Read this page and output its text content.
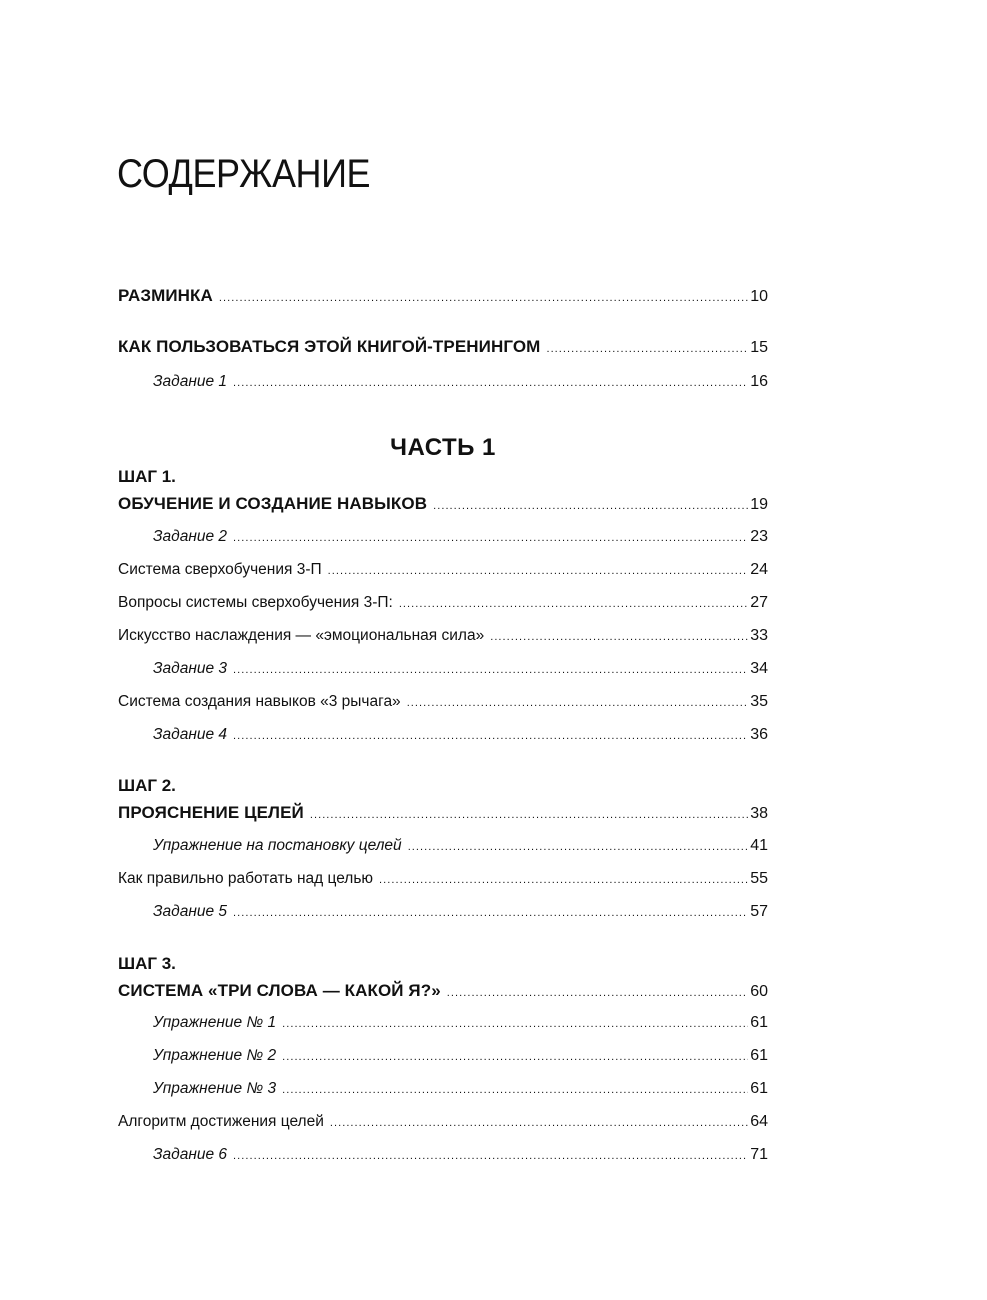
СОДЕРЖАНИЕ
РАЗМИНКА . . .	10
КАК ПОЛЬЗОВАТЬСЯ ЭТОЙ КНИГОЙ-ТРЕНИНГОМ . . .	15
Задание 1 . . .	16
ЧАСТЬ 1
ШАГ 1.
ОБУЧЕНИЕ И СОЗДАНИЕ НАВЫКОВ . . .	19
Задание 2 . . .	23
Система сверхобучения 3-П . . .	24
Вопросы системы сверхобучения 3-П: . . .	27
Искусство наслаждения — «эмоциональная сила» . . .	33
Задание 3 . . .	34
Система создания навыков «3 рычага» . . .	35
Задание 4 . . .	36
ШАГ 2.
ПРОЯСНЕНИЕ ЦЕЛЕЙ . . .	38
Упражнение на постановку целей . . .	41
Как правильно работать над целью . . .	55
Задание 5 . . .	57
ШАГ 3.
СИСТЕМА «ТРИ СЛОВА — КАКОЙ Я?» . . .	60
Упражнение № 1 . . .	61
Упражнение № 2 . . .	61
Упражнение № 3 . . .	61
Алгоритм достижения целей . . .	64
Задание 6 . . .	71
